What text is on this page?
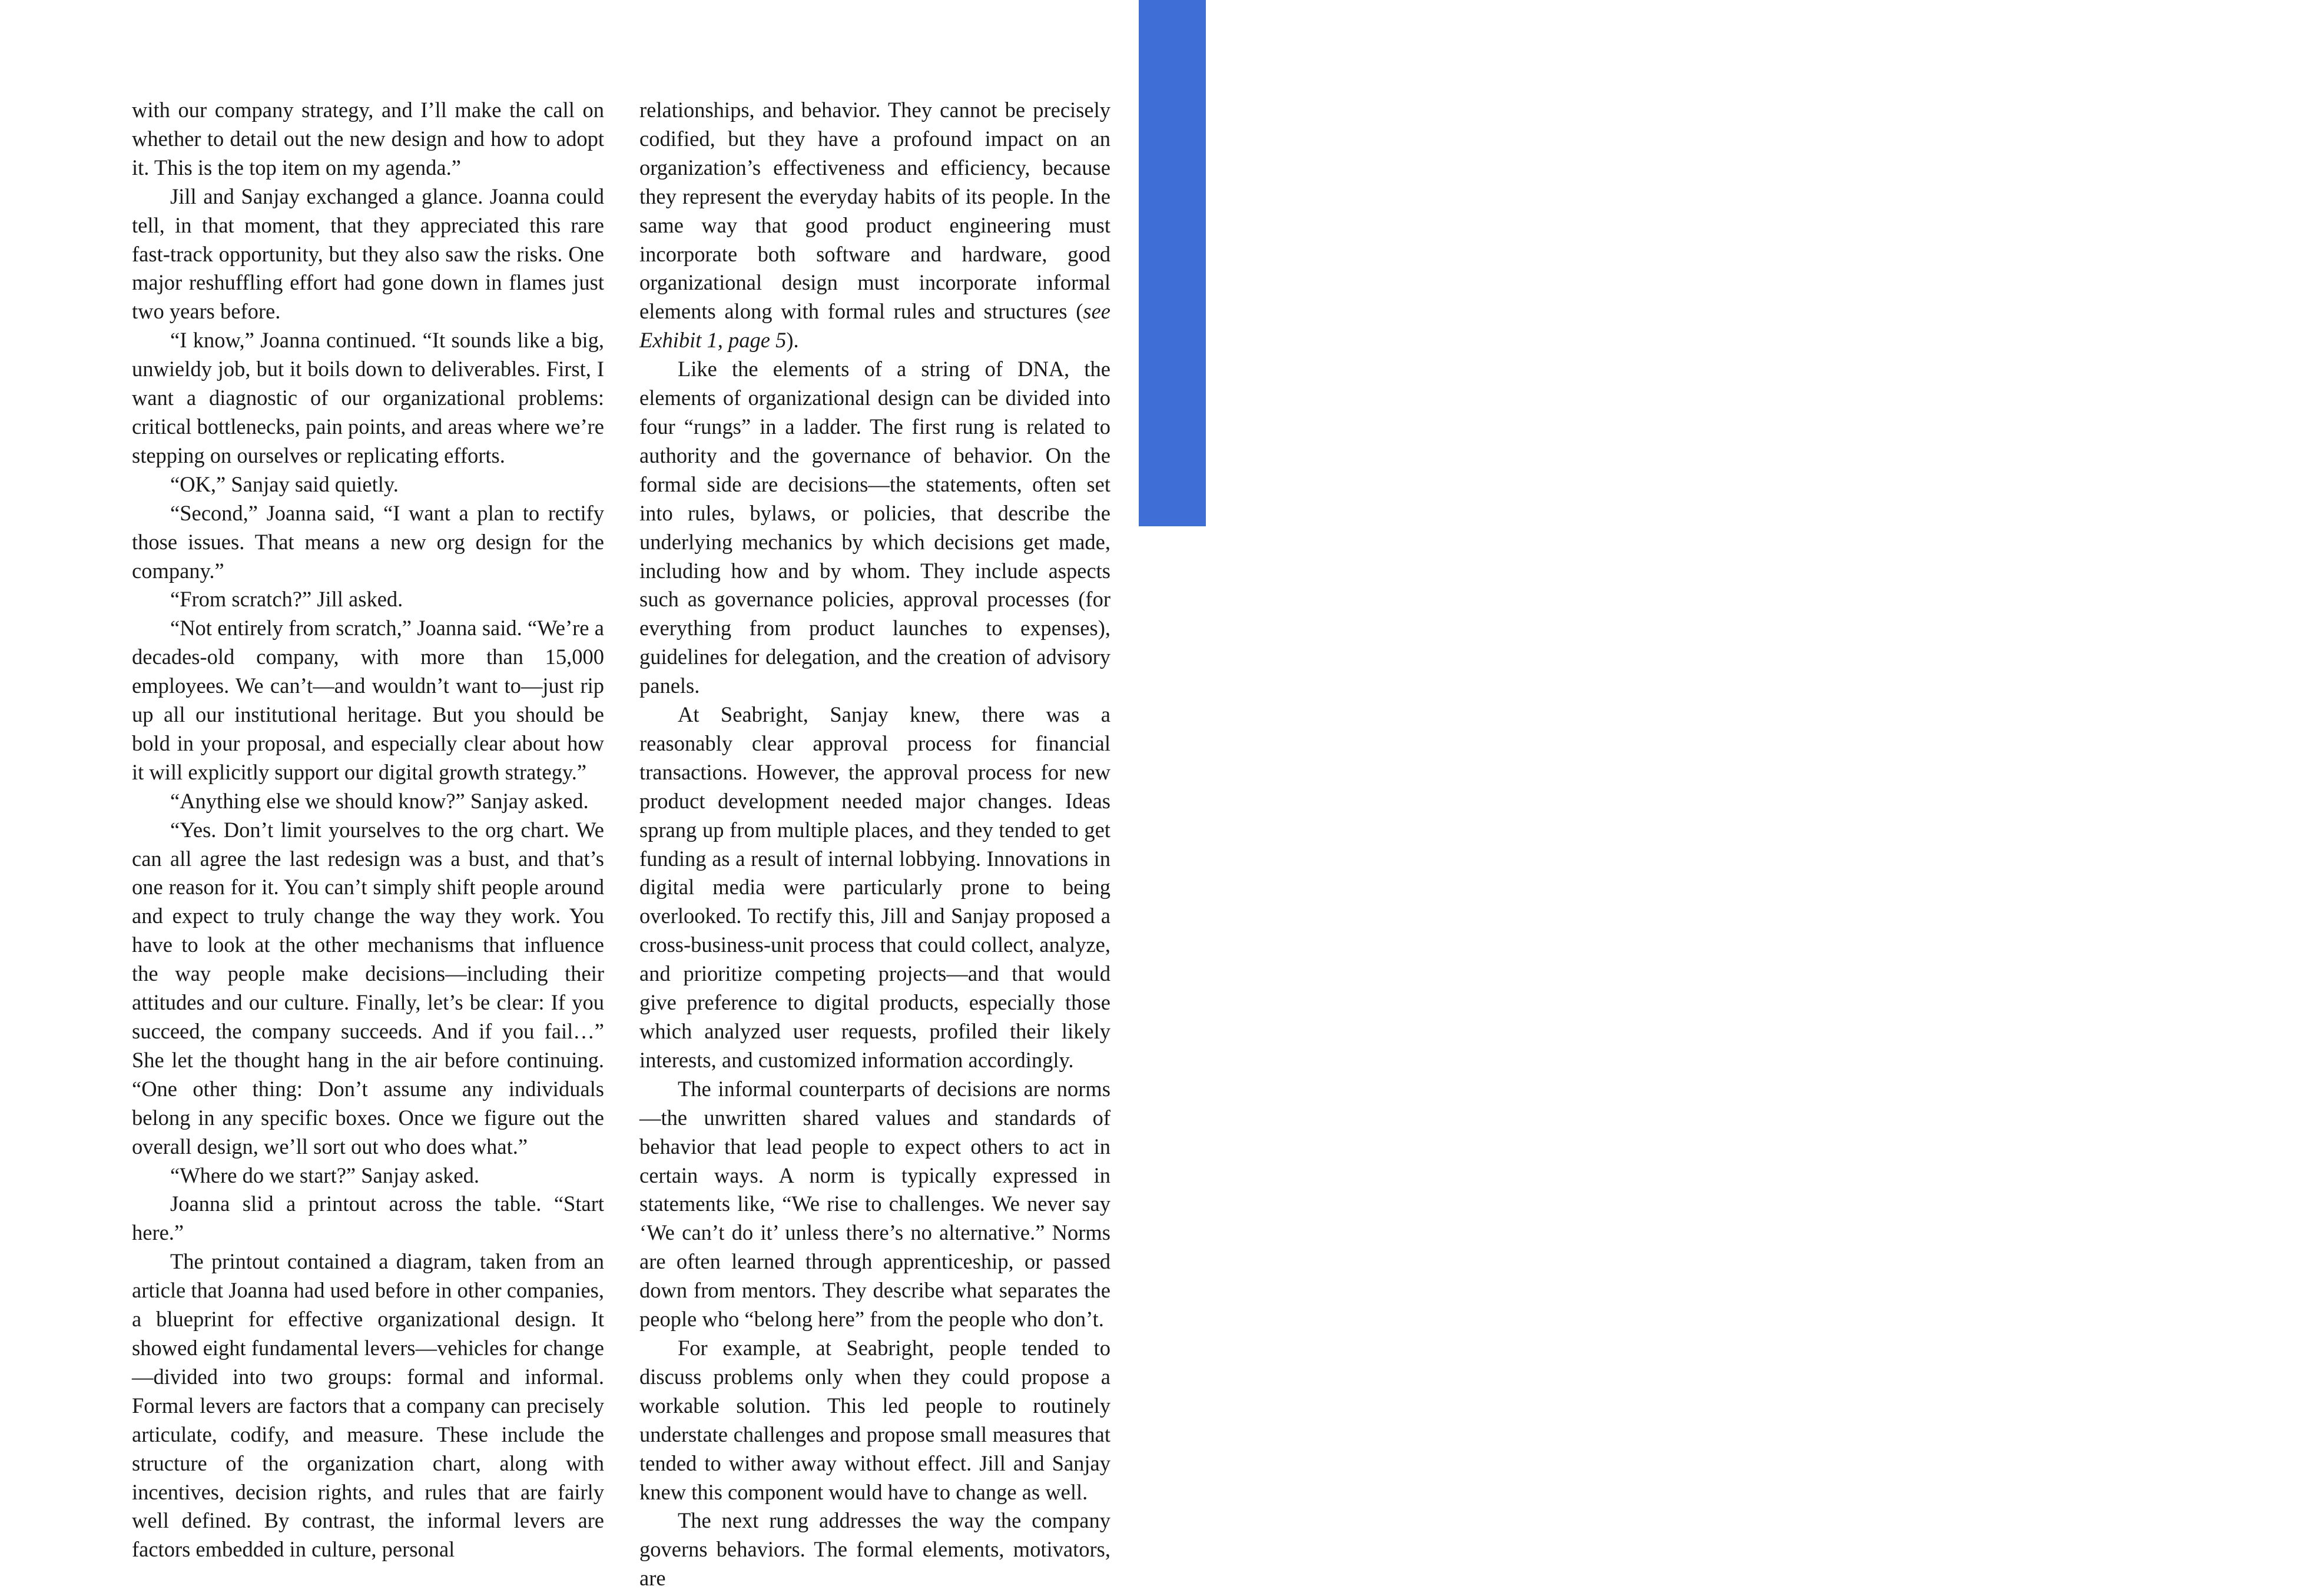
www.strategy-business.com
4

with our company strategy, and I’ll make the call on whether to detail out the new design and how to adopt it. This is the top item on my agenda.”

Jill and Sanjay exchanged a glance. Joanna could tell, in that moment, that they appreciated this rare fast-track opportunity, but they also saw the risks. One major reshuffling effort had gone down in flames just two years before.

“I know,” Joanna continued. “It sounds like a big, unwieldy job, but it boils down to deliverables. First, I want a diagnostic of our organizational problems: critical bottlenecks, pain points, and areas where we’re stepping on ourselves or replicating efforts.

“OK,” Sanjay said quietly.

“Second,” Joanna said, “I want a plan to rectify those issues. That means a new org design for the company.”

“From scratch?” Jill asked.

“Not entirely from scratch,” Joanna said. “We’re a decades-old company, with more than 15,000 employees. We can’t—and wouldn’t want to—just rip up all our institutional heritage. But you should be bold in your proposal, and especially clear about how it will explicitly support our digital growth strategy.”

“Anything else we should know?” Sanjay asked.

“Yes. Don’t limit yourselves to the org chart. We can all agree the last redesign was a bust, and that’s one reason for it. You can’t simply shift people around and expect to truly change the way they work. You have to look at the other mechanisms that influence the way people make decisions—including their attitudes and our culture. Finally, let’s be clear: If you succeed, the company succeeds. And if you fail…” She let the thought hang in the air before continuing. “One other thing: Don’t assume any individuals belong in any specific boxes. Once we figure out the overall design, we’ll sort out who does what.”

“Where do we start?” Sanjay asked.

Joanna slid a printout across the table. “Start here.”

The printout contained a diagram, taken from an article that Joanna had used before in other companies, a blueprint for effective organizational design. It showed eight fundamental levers—vehicles for change—divided into two groups: formal and informal. Formal levers are factors that a company can precisely articulate, codify, and measure. These include the structure of the organization chart, along with incentives, decision rights, and rules that are fairly well defined. By contrast, the informal levers are factors embedded in culture, personal

relationships, and behavior. They cannot be precisely codified, but they have a profound impact on an organization’s effectiveness and efficiency, because they represent the everyday habits of its people. In the same way that good product engineering must incorporate both software and hardware, good organizational design must incorporate informal elements along with formal rules and structures (see Exhibit 1, page 5).

Like the elements of a string of DNA, the elements of organizational design can be divided into four “rungs” in a ladder. The first rung is related to authority and the governance of behavior. On the formal side are decisions—the statements, often set into rules, bylaws, or policies, that describe the underlying mechanics by which decisions get made, including how and by whom. They include aspects such as governance policies, approval processes (for everything from product launches to expenses), guidelines for delegation, and the creation of advisory panels.

At Seabright, Sanjay knew, there was a reasonably clear approval process for financial transactions. However, the approval process for new product development needed major changes. Ideas sprang up from multiple places, and they tended to get funding as a result of internal lobbying. Innovations in digital media were particularly prone to being overlooked. To rectify this, Jill and Sanjay proposed a cross-business-unit process that could collect, analyze, and prioritize competing projects—and that would give preference to digital products, especially those which analyzed user requests, profiled their likely interests, and customized information accordingly.

The informal counterparts of decisions are norms—the unwritten shared values and standards of behavior that lead people to expect others to act in certain ways. A norm is typically expressed in statements like, “We rise to challenges. We never say ‘We can’t do it’ unless there’s no alternative.” Norms are often learned through apprenticeship, or passed down from mentors. They describe what separates the people who “belong here” from the people who don’t.

For example, at Seabright, people tended to discuss problems only when they could propose a workable solution. This led people to routinely understate challenges and propose small measures that tended to wither away without effect. Jill and Sanjay knew this component would have to change as well.

The next rung addresses the way the company governs behaviors. The formal elements, motivators, are
